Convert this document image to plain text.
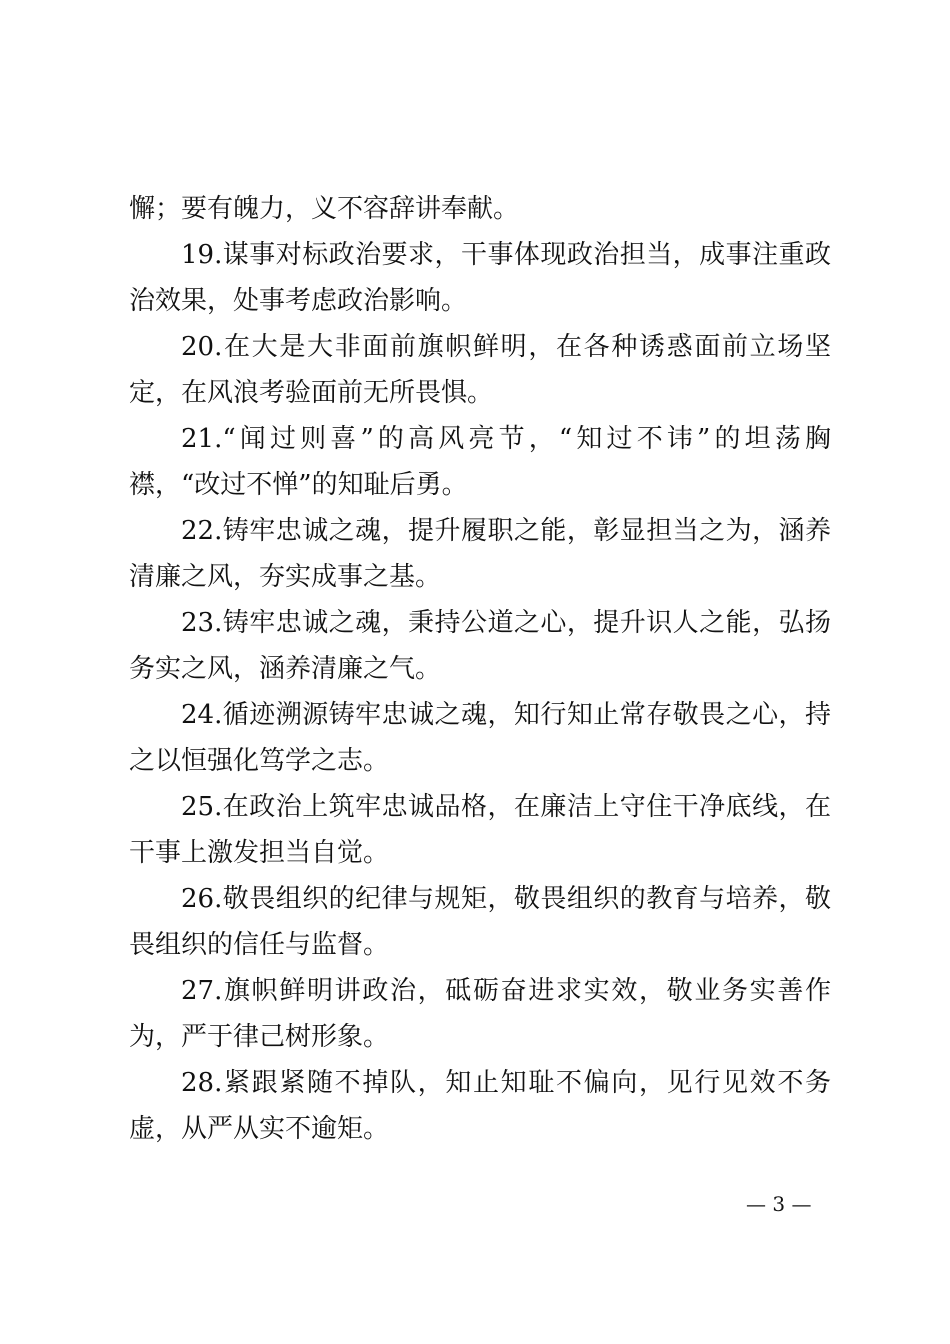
懈；要有魄力，义不容辞讲奉献。

19.谋事对标政治要求，干事体现政治担当，成事注重政治效果，处事考虑政治影响。

20.在大是大非面前旗帜鲜明，在各种诱惑面前立场坚定，在风浪考验面前无所畏惧。

21.“闻过则喜”的高风亮节，“知过不讳”的坦荡胸襟，“改过不惮”的知耻后勇。

22.铸牢忠诚之魂，提升履职之能，彰显担当之为，涵养清廉之风，夯实成事之基。

23.铸牢忠诚之魂，秉持公道之心，提升识人之能，弘扬务实之风，涵养清廉之气。

24.循迹溯源铸牢忠诚之魂，知行知止常存敬畏之心，持之以恒强化笃学之志。

25.在政治上筑牢忠诚品格，在廉洁上守住干净底线，在干事上激发担当自觉。

26.敬畏组织的纪律与规矩，敬畏组织的教育与培养，敬畏组织的信任与监督。

27.旗帜鲜明讲政治，砥砺奋进求实效，敬业务实善作为，严于律己树形象。

28.紧跟紧随不掉队，知止知耻不偏向，见行见效不务虚，从严从实不逾矩。

— 3 —
